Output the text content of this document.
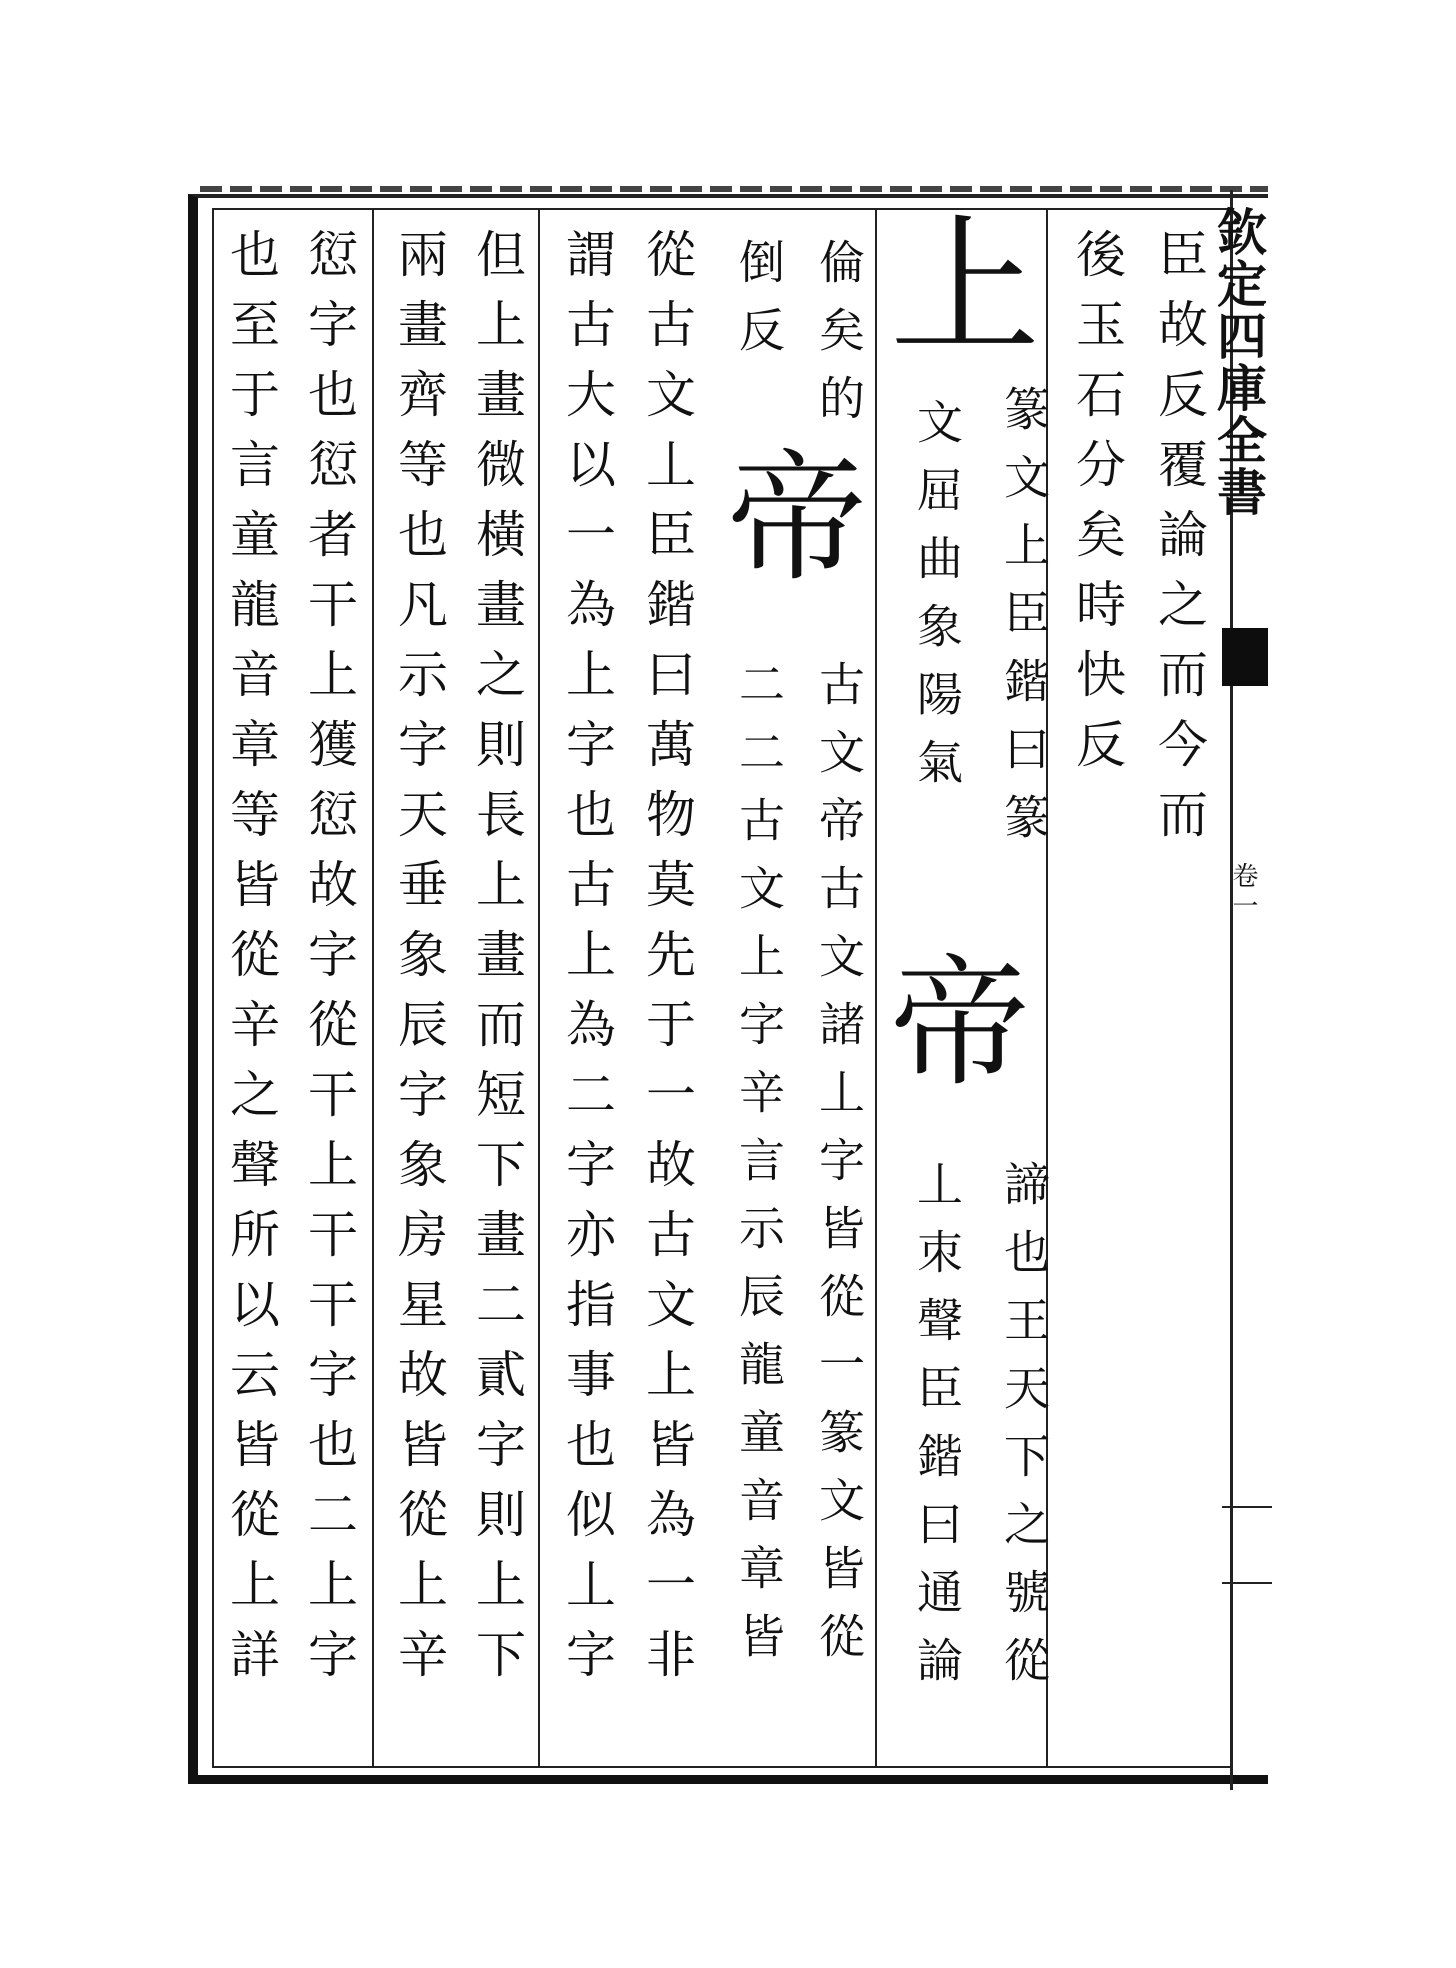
欽定四庫全書
卷一
臣故反覆論之而今而
後玉石分矣時快反
上
篆文上臣鍇曰篆
文屈曲象陽氣
帝
諦也王天下之號從
丄朿聲臣鍇曰通論
倫矣的
倒反
帝
古文帝古文諸丄字皆從一篆文皆從
二二古文上字辛言示辰龍童音章皆
從古文丄臣鍇曰萬物莫先于一故古文上皆為一非
謂古大以一為上字也古上為二字亦指事也似丄字
但上畫微橫畫之則長上畫而短下畫二貳字則上下
兩畫齊等也凡示字天垂象辰字象房星故皆從上辛
愆字也愆者干上獲愆故字從干上干干字也二上字
也至于言童龍音章等皆從辛之聲所以云皆從上詳
